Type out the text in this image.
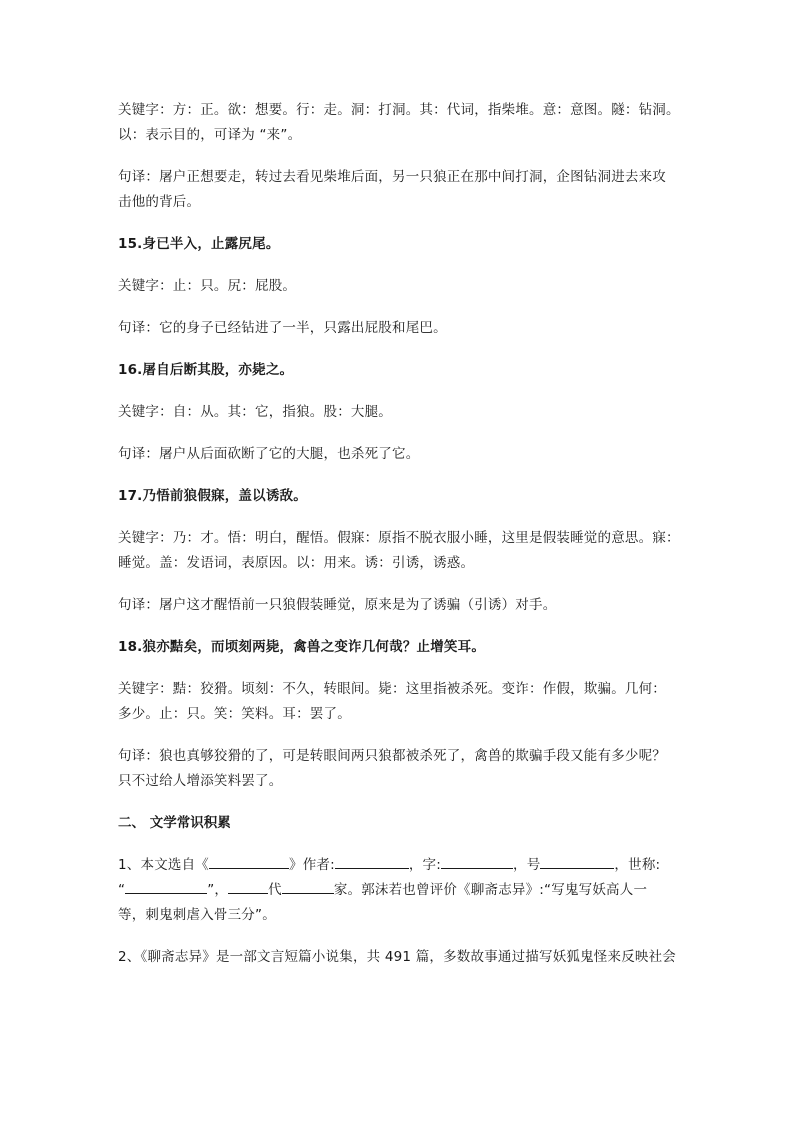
关键字：方：正。欲：想要。行：走。洞：打洞。其：代词，指柴堆。意：意图。隧：钻洞。
以：表示目的，可译为 “来”。
句译：屠户正想要走，转过去看见柴堆后面，另一只狼正在那中间打洞，企图钻洞进去来攻
击他的背后。
15.身已半入，止露尻尾。
关键字：止：只。尻：屁股。
句译：它的身子已经钻进了一半，只露出屁股和尾巴。
16.屠自后断其股，亦毙之。
关键字：自：从。其：它，指狼。股：大腿。
句译：屠户从后面砍断了它的大腿，也杀死了它。
17.乃悟前狼假寐，盖以诱敌。
关键字：乃：才。悟：明白，醒悟。假寐：原指不脱衣服小睡，这里是假装睡觉的意思。寐：
睡觉。盖：发语词，表原因。以：用来。诱：引诱，诱惑。
句译：屠户这才醒悟前一只狼假装睡觉，原来是为了诱骗（引诱）对手。
18.狼亦黠矣，而顷刻两毙，禽兽之变诈几何哉？止增笑耳。
关键字：黠：狡猾。顷刻：不久，转眼间。毙：这里指被杀死。变诈：作假，欺骗。几何：
多少。止：只。笑：笑料。耳：罢了。
句译：狼也真够狡猾的了，可是转眼间两只狼都被杀死了，禽兽的欺骗手段又能有多少呢？
只不过给人增添笑料罢了。
二、 文学常识积累
1、本文选自《	》作者:	，字:	，号	，世称:
“	”，	代	家。郭沫若也曾评价《聊斋志异》:“写鬼写妖高人一
等，刺鬼刺虐入骨三分”。
2、《聊斋志异》是一部文言短篇小说集，共 491 篇，多数故事通过描写妖狐鬼怪来反映社会
